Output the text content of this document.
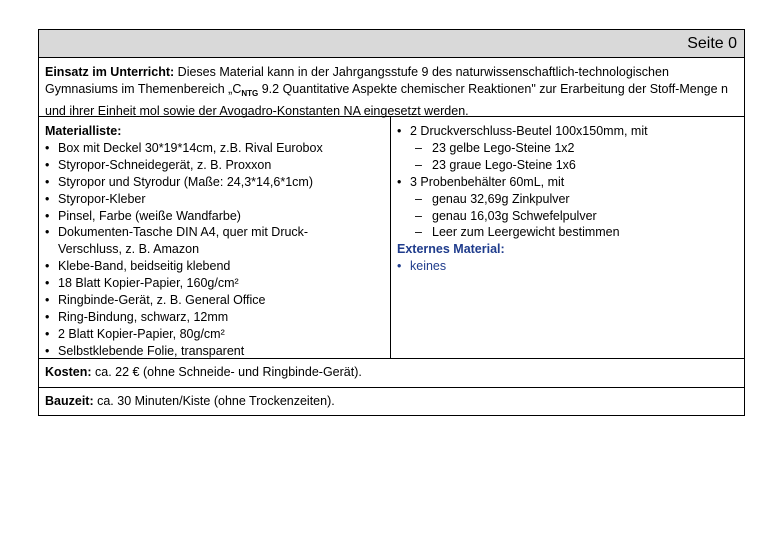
Seite 0
Einsatz im Unterricht: Dieses Material kann in der Jahrgangsstufe 9 des naturwissenschaftlich-technologischen Gymnasiums im Themenbereich $„C_{NTG}$ 9.2 Quantitative Aspekte chemischer Reaktionen" zur Erarbeitung der Stoff-Menge n und ihrer Einheit mol sowie der Avogadro-Konstanten NA eingesetzt werden.
Materialliste:
• Box mit Deckel 30*19*14cm, z.B. Rival Eurobox
• Styropor-Schneidegerät, z. B. Proxxon
• Styropor und Styrodur (Maße: 24,3*14,6*1cm)
• Styropor-Kleber
• Pinsel, Farbe (weiße Wandfarbe)
• Dokumenten-Tasche DIN A4, quer mit Druck-Verschluss, z. B. Amazon
• Klebe-Band, beidseitig klebend
• 18 Blatt Kopier-Papier, 160g/cm²
• Ringbinde-Gerät, z. B. General Office
• Ring-Bindung, schwarz, 12mm
• 2 Blatt Kopier-Papier, 80g/cm²
• Selbstklebende Folie, transparent
• 2 Druckverschluss-Beutel 100x150mm, mit
– 23 gelbe Lego-Steine 1x2
– 23 graue Lego-Steine 1x6
• 3 Probenbehälter 60mL, mit
– genau 32,69g Zinkpulver
– genau 16,03g Schwefelpulver
– Leer zum Leergewicht bestimmen
Externes Material:
• keines
Kosten: ca. 22 € (ohne Schneide- und Ringbinde-Gerät).
Bauzeit: ca. 30 Minuten/Kiste (ohne Trockenzeiten).
